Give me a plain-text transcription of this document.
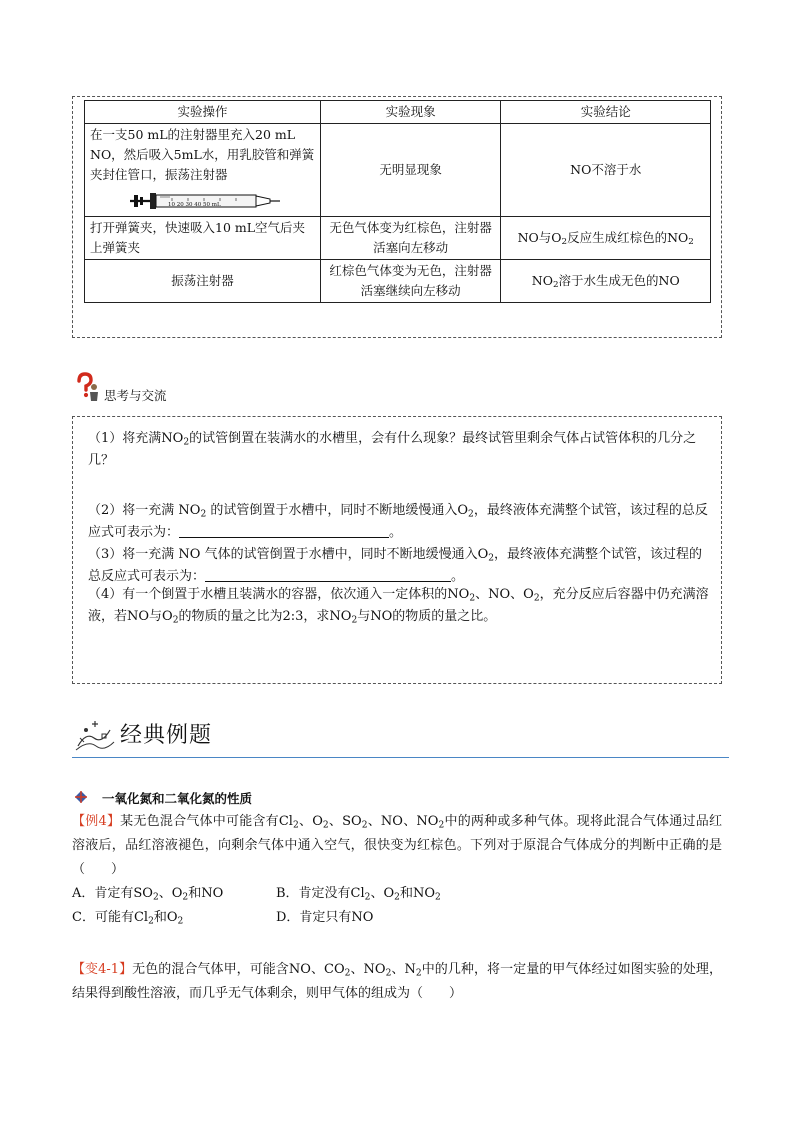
实验操作	实验现象	实验结论

在一支50 mL的注射器里充入20 mL NO，然后吸入5mL水，用乳胶管和弹簧夹封住管口，振荡注射器
10 20 30 40 50 mL	无明显现象	NO不溶于水
打开弹簧夹，快速吸入10 mL空气后夹上弹簧夹	无色气体变为红棕色，注射器活塞向左移动	NO与$O_2$反应生成红棕色的$NO_2$
振荡注射器	红棕色气体变为无色，注射器活塞继续向左移动	$NO_2$溶于水生成无色的NO
思考与交流
（1）将充满$NO_2$的试管倒置在装满水的水槽里，会有什么现象？最终试管里剩余气体占试管体积的几分之几？
（2）将一充满 $NO_2$ 的试管倒置于水槽中，同时不断地缓慢通入$O_2$，最终液体充满整个试管，该过程的总反应式可表示为：	。
（3）将一充满 NO 气体的试管倒置于水槽中，同时不断地缓慢通入$O_2$，最终液体充满整个试管，该过程的总反应式可表示为：	。
（4）有一个倒置于水槽且装满水的容器，依次通入一定体积的$NO_2$、NO、$O_2$，充分反应后容器中仍充满溶液，若NO与$O_2$的物质的量之比为2:3，求$NO_2$与NO的物质的量之比。
经典例题
一氧化氮和二氧化氮的性质
【例4】某无色混合气体中可能含有$Cl_2$、$O_2$、$SO_2$、NO、$NO_2$中的两种或多种气体。现将此混合气体通过品红溶液后，品红溶液褪色，向剩余气体中通入空气，很快变为红棕色。下列对于原混合气体成分的判断中正确的是（　　）
A．肯定有$SO_2$、$O_2$和NO	B．肯定没有$Cl_2$、$O_2$和$NO_2$
C．可能有$Cl_2$和$O_2$	D．肯定只有NO
【变4-1】无色的混合气体甲，可能含NO、$CO_2$、$NO_2$、$N_2$中的几种，将一定量的甲气体经过如图实验的处理，结果得到酸性溶液，而几乎无气体剩余，则甲气体的组成为（　　）
